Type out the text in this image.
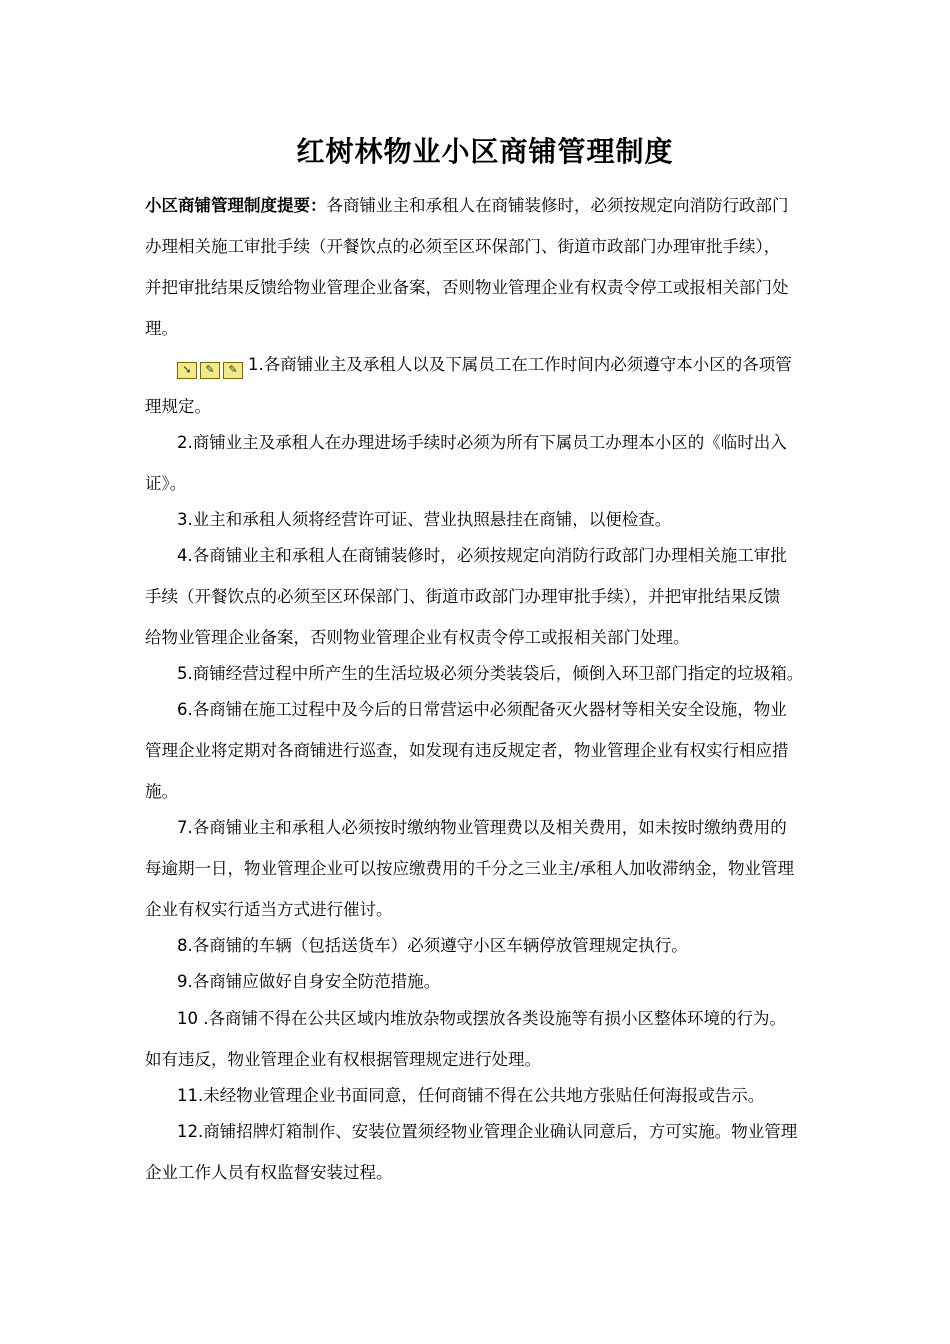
红树林物业小区商铺管理制度
小区商铺管理制度提要：各商铺业主和承租人在商铺装修时，必须按规定向消防行政部门
办理相关施工审批手续（开餐饮点的必须至区环保部门、街道市政部门办理审批手续），
并把审批结果反馈给物业管理企业备案，否则物业管理企业有权责令停工或报相关部门处
理。
➘	✎	✎ 1.各商铺业主及承租人以及下属员工在工作时间内必须遵守本小区的各项管
理规定。
2.商铺业主及承租人在办理进场手续时必须为所有下属员工办理本小区的《临时出入
证》。
3.业主和承租人须将经营许可证、营业执照悬挂在商铺，以便检查。
4.各商铺业主和承租人在商铺装修时，必须按规定向消防行政部门办理相关施工审批
手续（开餐饮点的必须至区环保部门、街道市政部门办理审批手续），并把审批结果反馈
给物业管理企业备案，否则物业管理企业有权责令停工或报相关部门处理。
5.商铺经营过程中所产生的生活垃圾必须分类装袋后，倾倒入环卫部门指定的垃圾箱。
6.各商铺在施工过程中及今后的日常营运中必须配备灭火器材等相关安全设施，物业
管理企业将定期对各商铺进行巡查，如发现有违反规定者，物业管理企业有权实行相应措
施。
7.各商铺业主和承租人必须按时缴纳物业管理费以及相关费用，如未按时缴纳费用的
每逾期一日，物业管理企业可以按应缴费用的千分之三业主/承租人加收滞纳金，物业管理
企业有权实行适当方式进行催讨。
8.各商铺的车辆（包括送货车）必须遵守小区车辆停放管理规定执行。
9.各商铺应做好自身安全防范措施。
10 .各商铺不得在公共区域内堆放杂物或摆放各类设施等有损小区整体环境的行为。
如有违反，物业管理企业有权根据管理规定进行处理。
11.未经物业管理企业书面同意，任何商铺不得在公共地方张贴任何海报或告示。
12.商铺招牌灯箱制作、安装位置须经物业管理企业确认同意后，方可实施。物业管理
企业工作人员有权监督安装过程。
